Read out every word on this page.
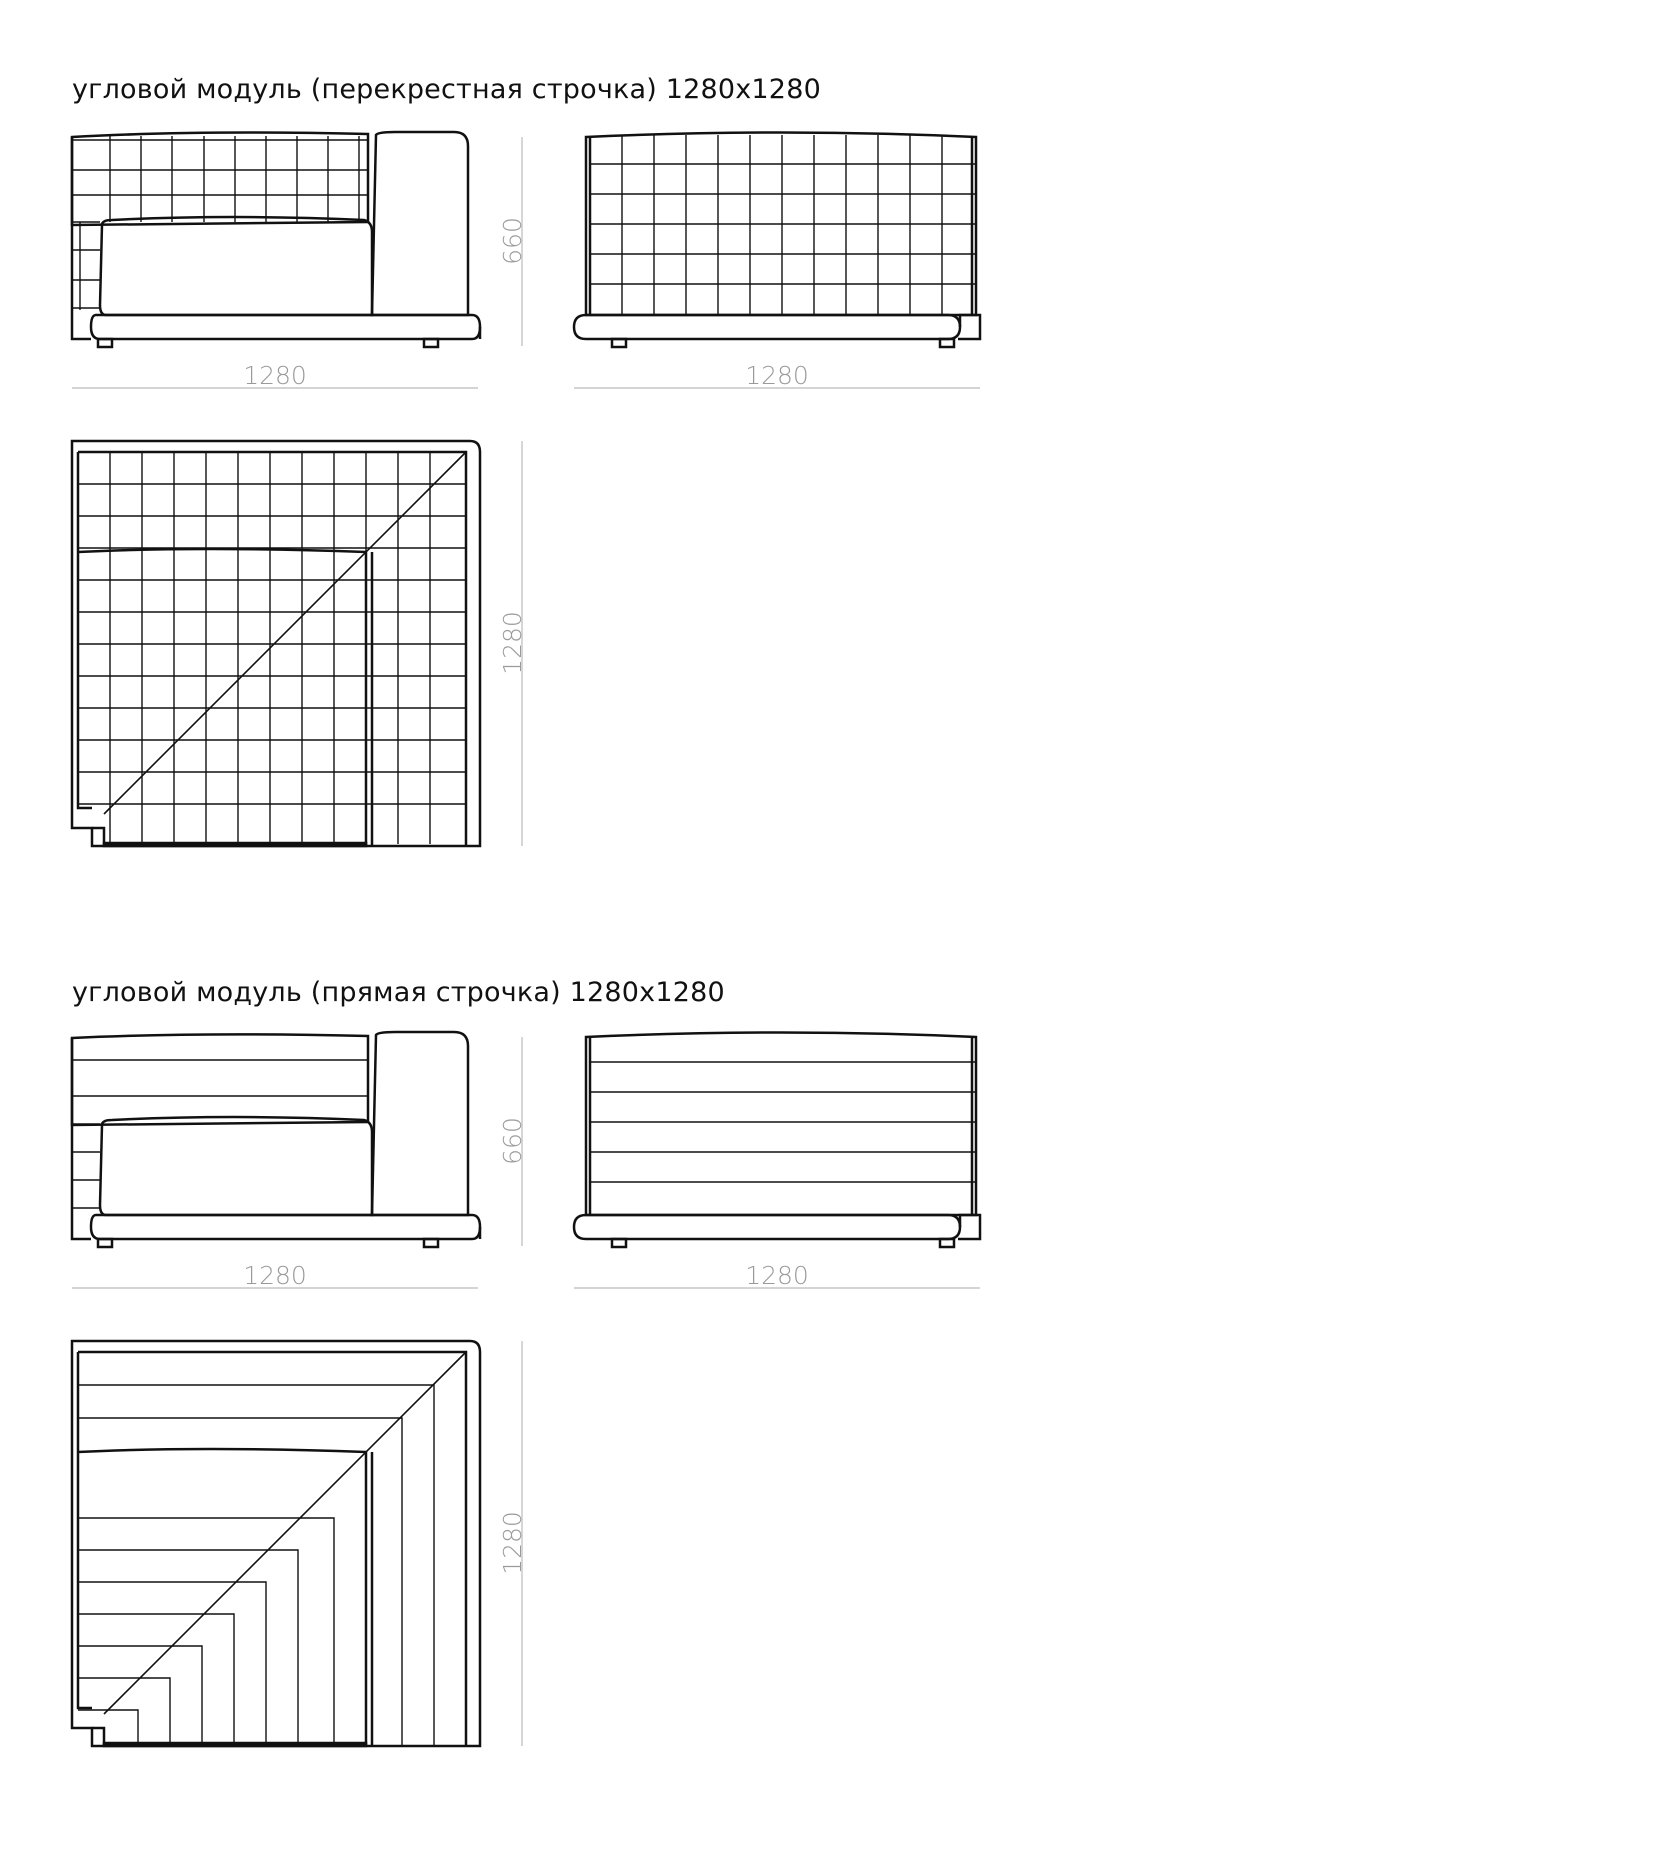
угловой модуль (перекрестная строчка) 1280x1280
угловой модуль (прямая строчка) 1280x1280
660
1280	1280
1280
660
1280	1280
1280
